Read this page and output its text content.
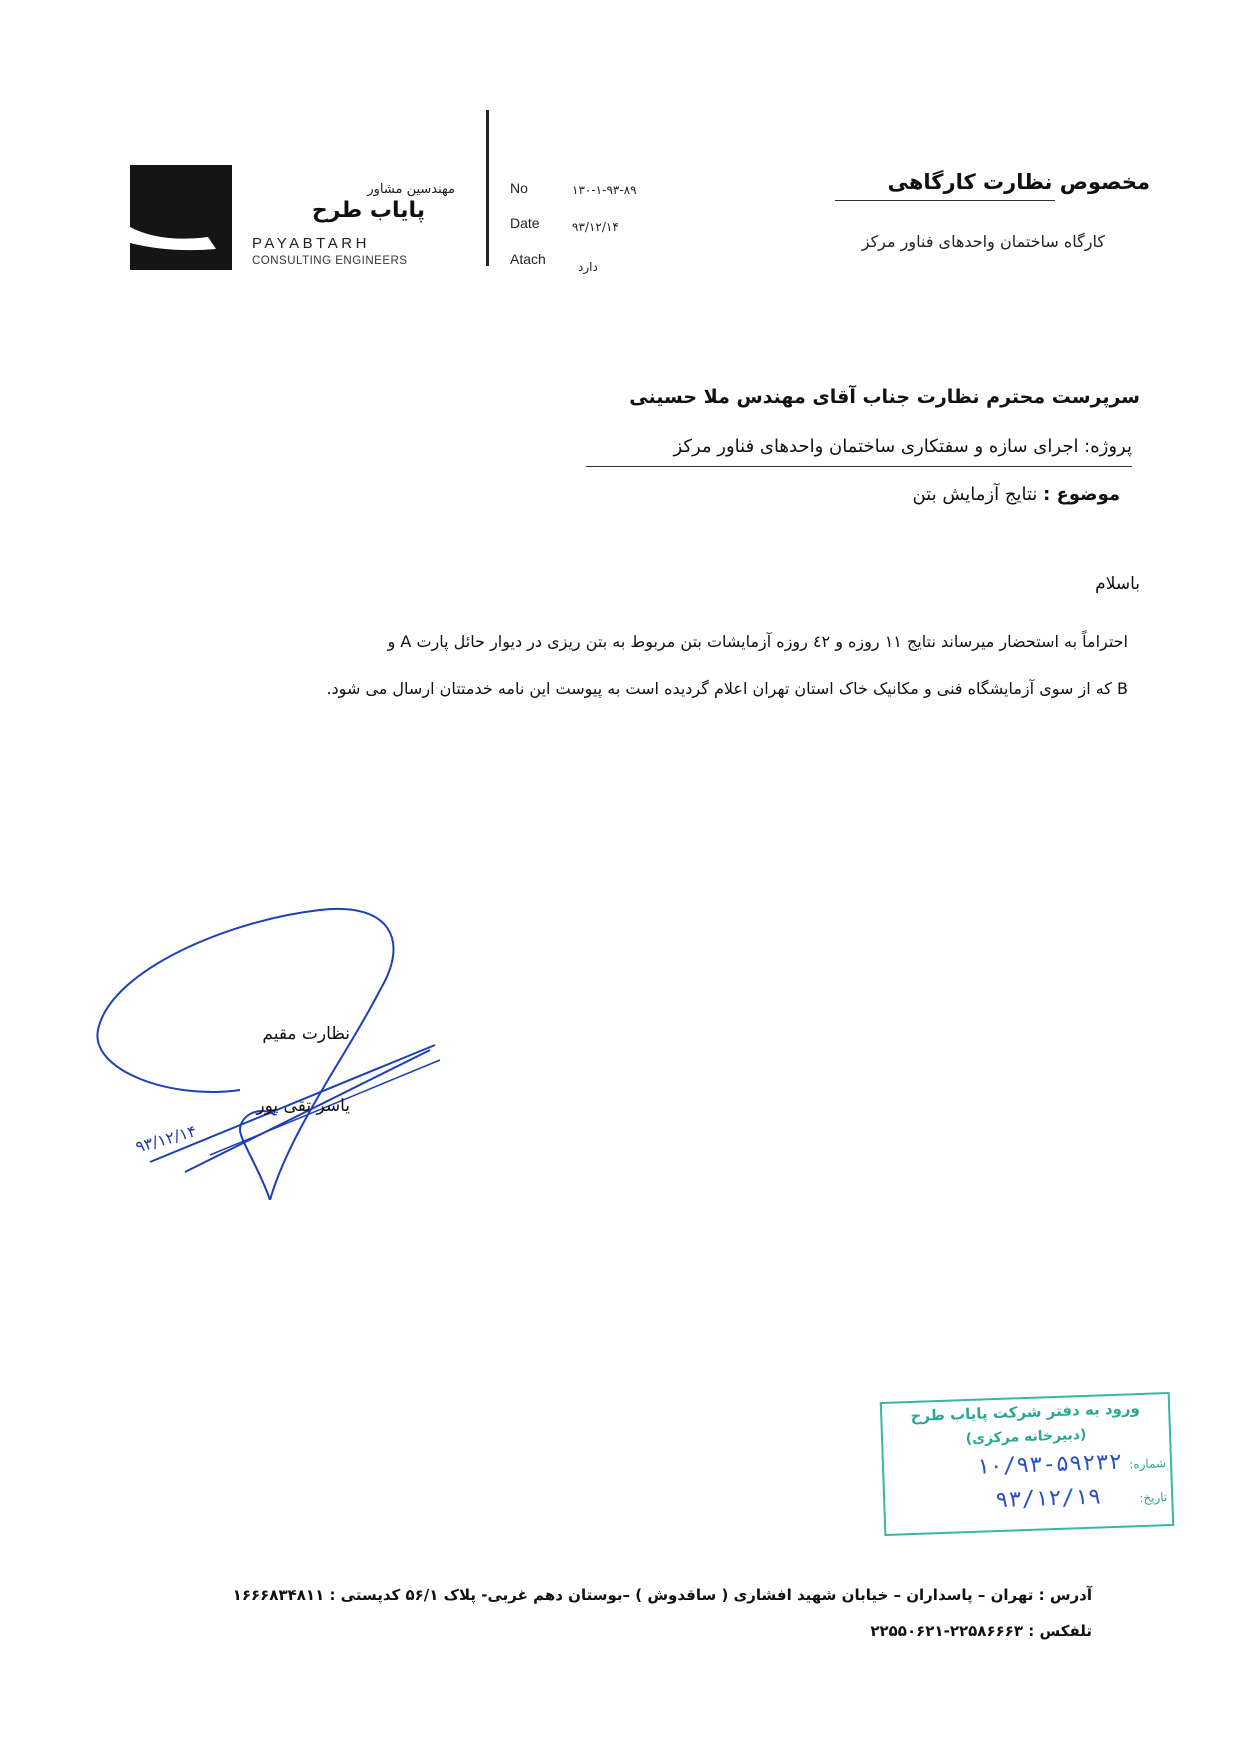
مهندسین مشاور
پایاب طرح
PAYABTARH
CONSULTING ENGINEERS
No	۱۳۰-۱-۹۳-۸۹
Date	۹۳/۱۲/۱۴
Atach	دارد
مخصوص نظارت کارگاهی
کارگاه ساختمان واحدهای فناور مرکز
سرپرست محترم نظارت جناب آقای مهندس ملا حسینی
پروژه: اجرای سازه و سفتکاری ساختمان واحدهای فناور مرکز
موضوع : نتایج آزمایش بتن
باسلام
احتراماً به استحضار میرساند نتایج ۱۱ روزه و ٤۲ روزه آزمایشات بتن مربوط به بتن ریزی در دیوار حائل پارت A و
B که از سوی آزمایشگاه فنی و مکانیک خاک استان تهران اعلام گردیده است به پیوست این نامه خدمتتان ارسال می شود.
نظارت مقیم
یاسر تقی پور
۹۳/۱۲/۱۴
ورود به دفتر شرکت پایاب طرح
(دبیرخانه مرکزی)
شماره:
۱۰/۹۳-۵۹۲۳۲
تاریخ:
۹۳/۱۲/۱۹
آدرس : تهران – پاسداران – خیابان شهید افشاری ( ساقدوش ) –بوستان دهم غربی- پلاک ۵۶/۱ کدپستی : ۱۶۶۶۸۳۴۸۱۱
تلفکس : ۲۲۵۸۶۶۶۳-۲۲۵۵۰۶۲۱
